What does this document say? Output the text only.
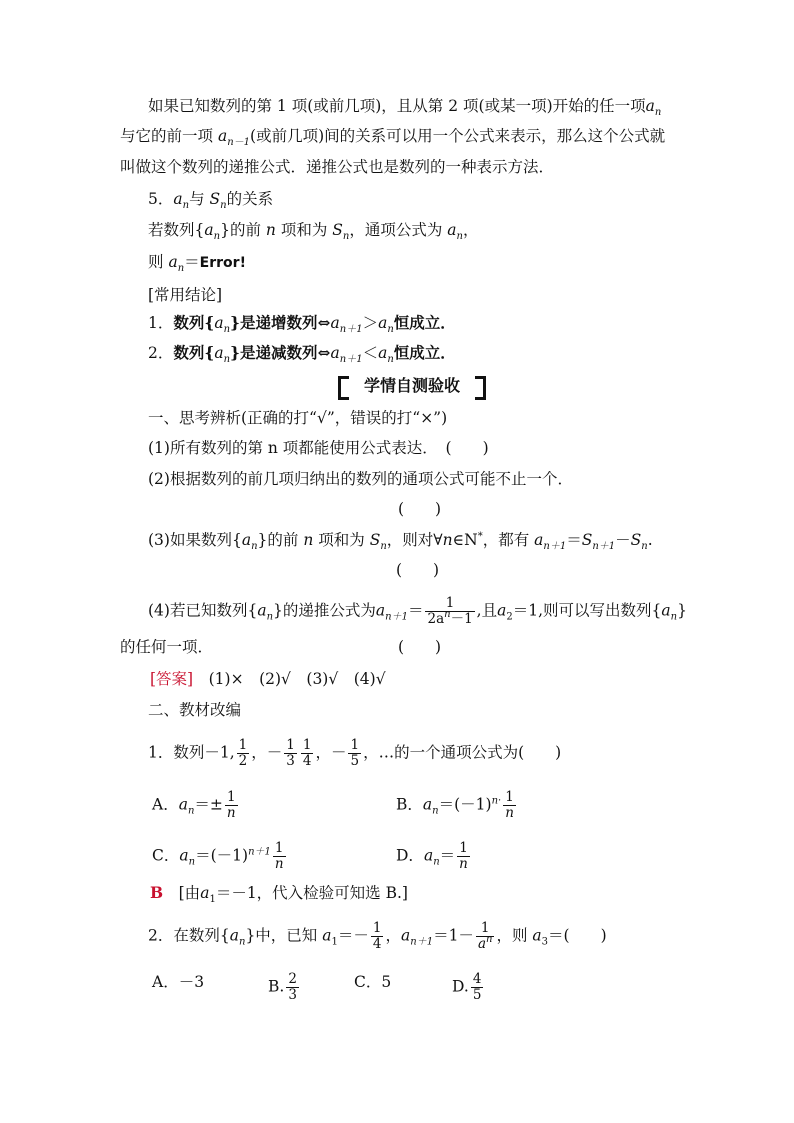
如果已知数列的第 1 项(或前几项)，且从第 2 项(或某一项)开始的任一项$a_n$
与它的前一项 $a_{n-1}$(或前几项)间的关系可以用一个公式来表示，那么这个公式就
叫做这个数列的递推公式．递推公式也是数列的一种表示方法．
5．$a_n$与 $S_n$的关系
若数列$\{a_n\}$的前 n 项和为 $S_n$，通项公式为 $a_n$，
则 $a_n=Error$!
[常用结论]
1．数列$\{a_n\}$是递增数列$\Leftrightarrow a_{n+1}>a_n$恒成立．
2．数列$\{a_n\}$是递减数列$\Leftrightarrow a_{n+1}<a_n$恒成立．
学情自测验收
一、思考辨析(正确的打“√”，错误的打“×”)
(1)所有数列的第 n 项都能使用公式表达．　(　　)
(2)根据数列的前几项归纳出的数列的通项公式可能不止一个．
(　　)
(3)如果数列$\{a_n\}$的前 n 项和为 $S_n$，则对∀n∈N*，都有 $a_{n+1}=S_{n+1}-S_n$.
(　　)
(4)若已知数列$\{a_n\}$的递推公式为$a_{n+1}= \frac{1}{2a^n-1}$ ,且$a_2=1$,则可以写出数列$\{a_n\}$
的任何一项．	(　　)
[答案]　 (1)×　(2)√　(3)√　(4)√
二、教材改编
1．数列－1, $\frac{1}{2}$ ，－ $\frac{1}{3} \frac{1}{4}$ ，－ $\frac{1}{5}$ ，…的一个通项公式为(　　)
A．$a_n=\pm \frac{1}{n}$	B．$a_n=(-1)^{n\cdot} \frac{1}{n}$
C．$a_n=(-1)^{n+1} \frac{1}{n}$	D．$a_n= \frac{1}{n}$
B　 [由$a_1=-1$，代入检验可知选 B.]
2．在数列$\{a_n\}$中，已知 $a_1=- \frac{1}{4}$ ，$a_{n+1}=1- \frac{1}{a^n}$ ，则 $a_3=$(　　)
A．－3	B. $\frac{2}{3}$	C．5	D. $\frac{4}{5}$
